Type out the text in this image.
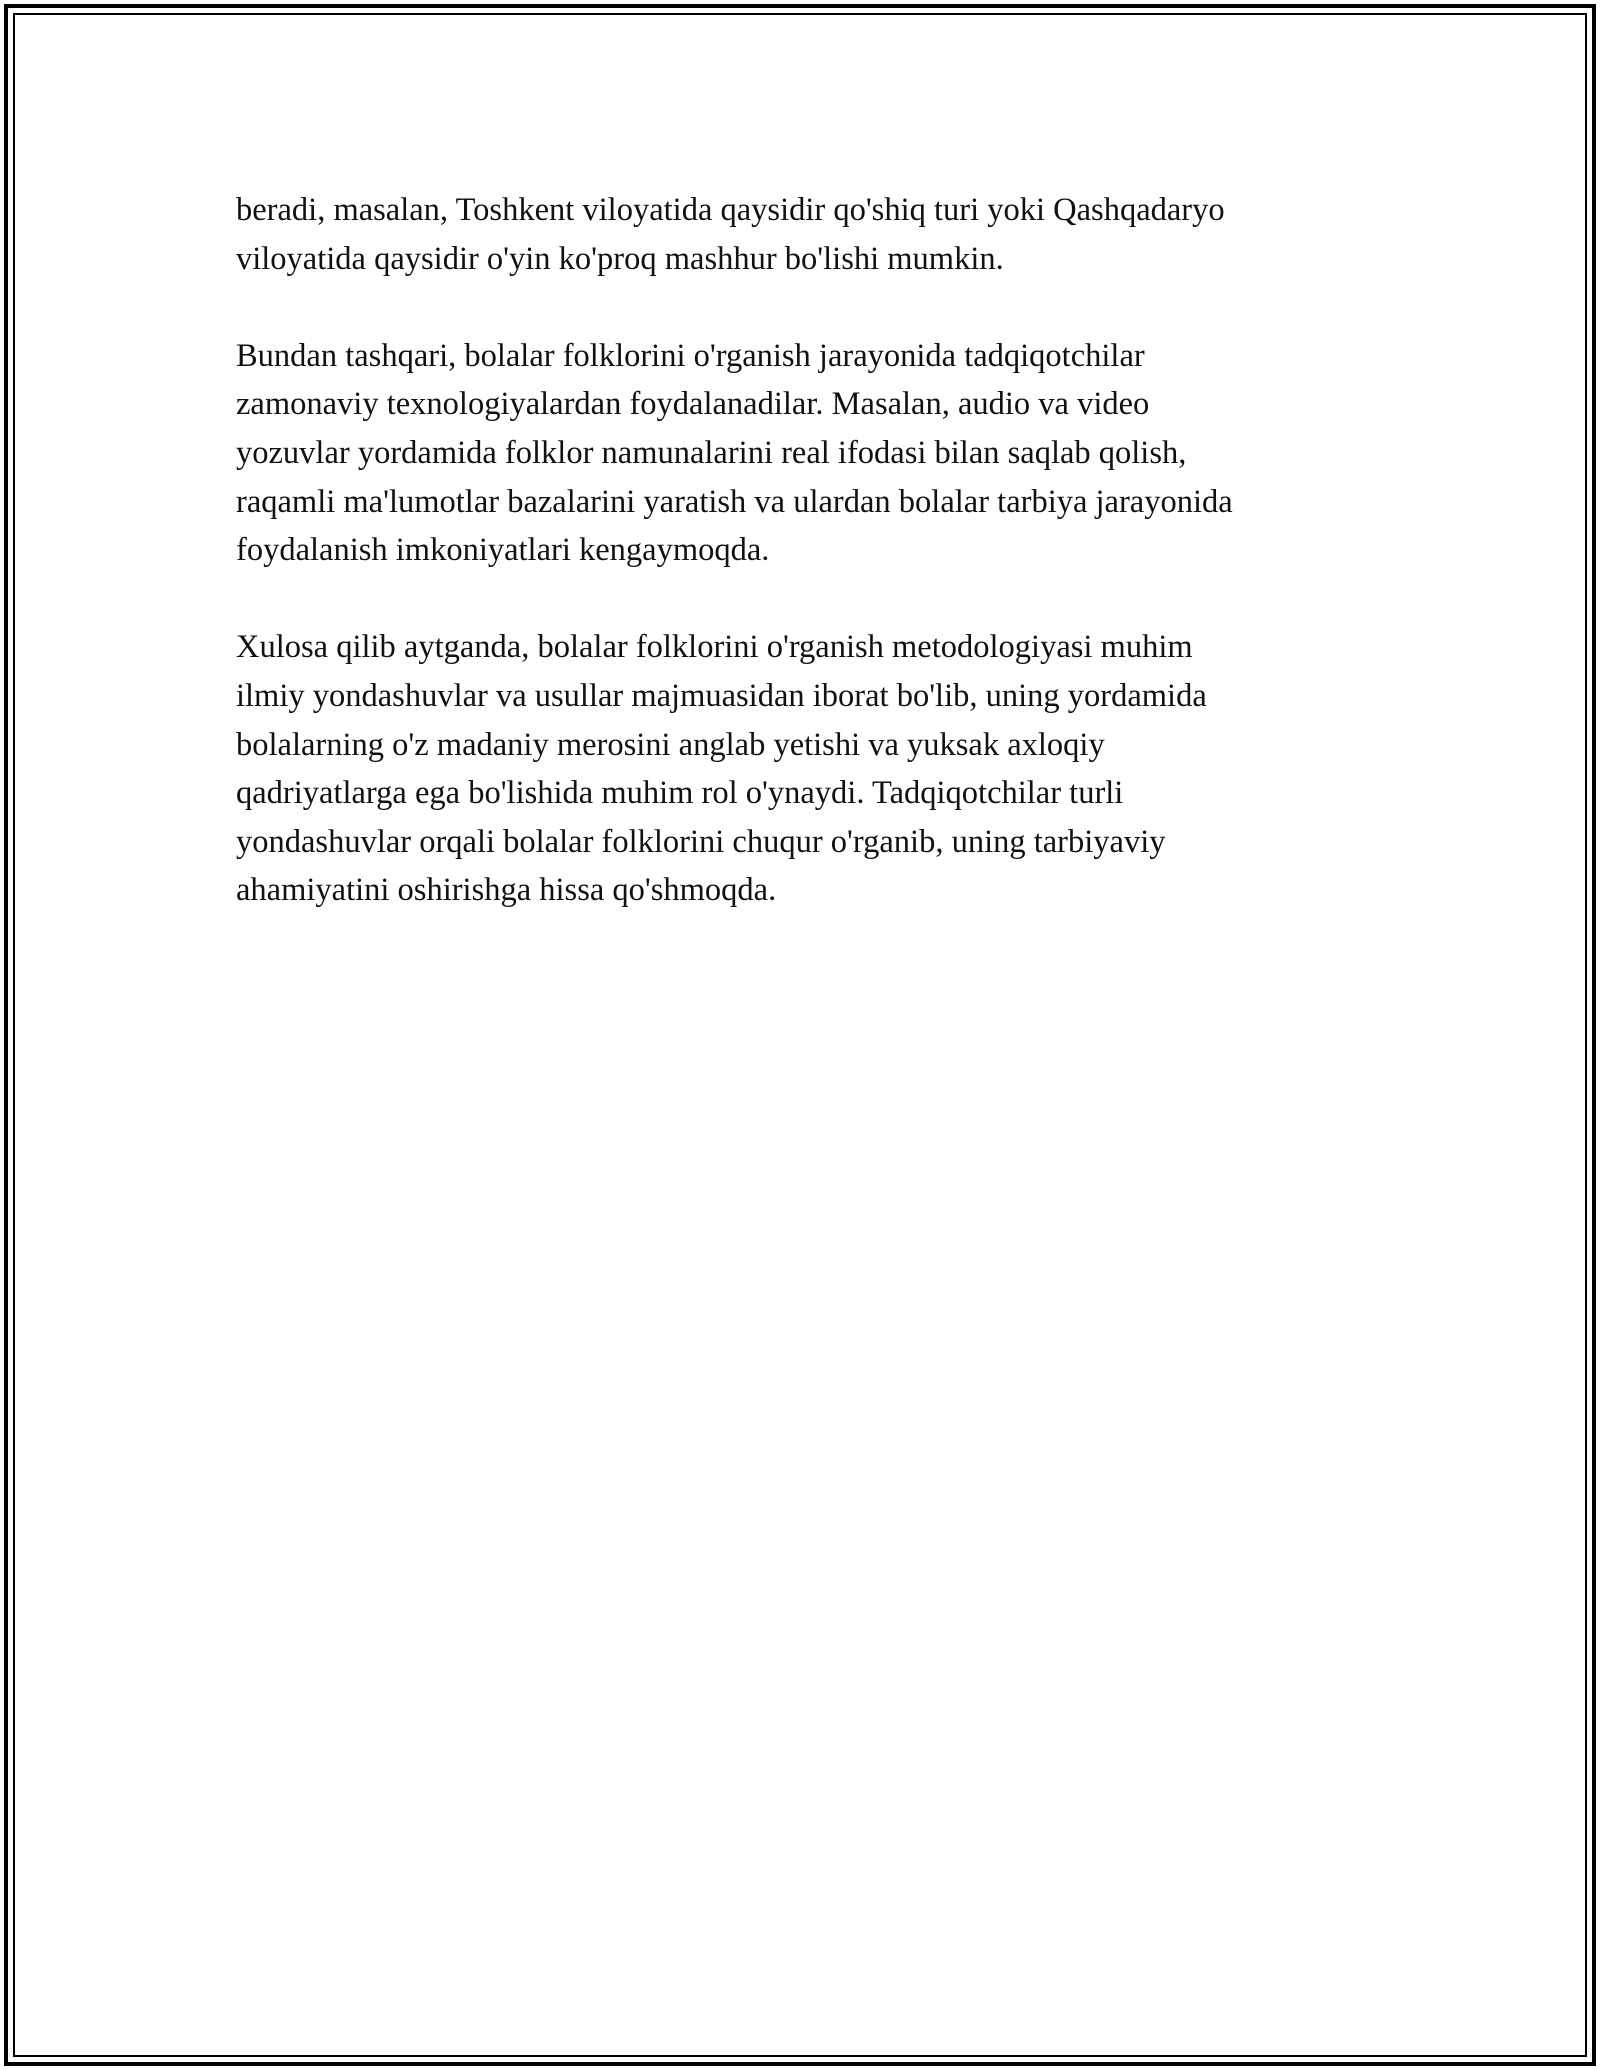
beradi, masalan, Toshkent viloyatida qaysidir qo'shiq turi yoki Qashqadaryo
viloyatida qaysidir o'yin ko'proq mashhur bo'lishi mumkin.

Bundan tashqari, bolalar folklorini o'rganish jarayonida tadqiqotchilar
zamonaviy texnologiyalardan foydalanadilar. Masalan, audio va video
yozuvlar yordamida folklor namunalarini real ifodasi bilan saqlab qolish,
raqamli ma'lumotlar bazalarini yaratish va ulardan bolalar tarbiya jarayonida
foydalanish imkoniyatlari kengaymoqda.

Xulosa qilib aytganda, bolalar folklorini o'rganish metodologiyasi muhim
ilmiy yondashuvlar va usullar majmuasidan iborat bo'lib, uning yordamida
bolalarning o'z madaniy merosini anglab yetishi va yuksak axloqiy
qadriyatlarga ega bo'lishida muhim rol o'ynaydi. Tadqiqotchilar turli
yondashuvlar orqali bolalar folklorini chuqur o'rganib, uning tarbiyaviy
ahamiyatini oshirishga hissa qo'shmoqda.
